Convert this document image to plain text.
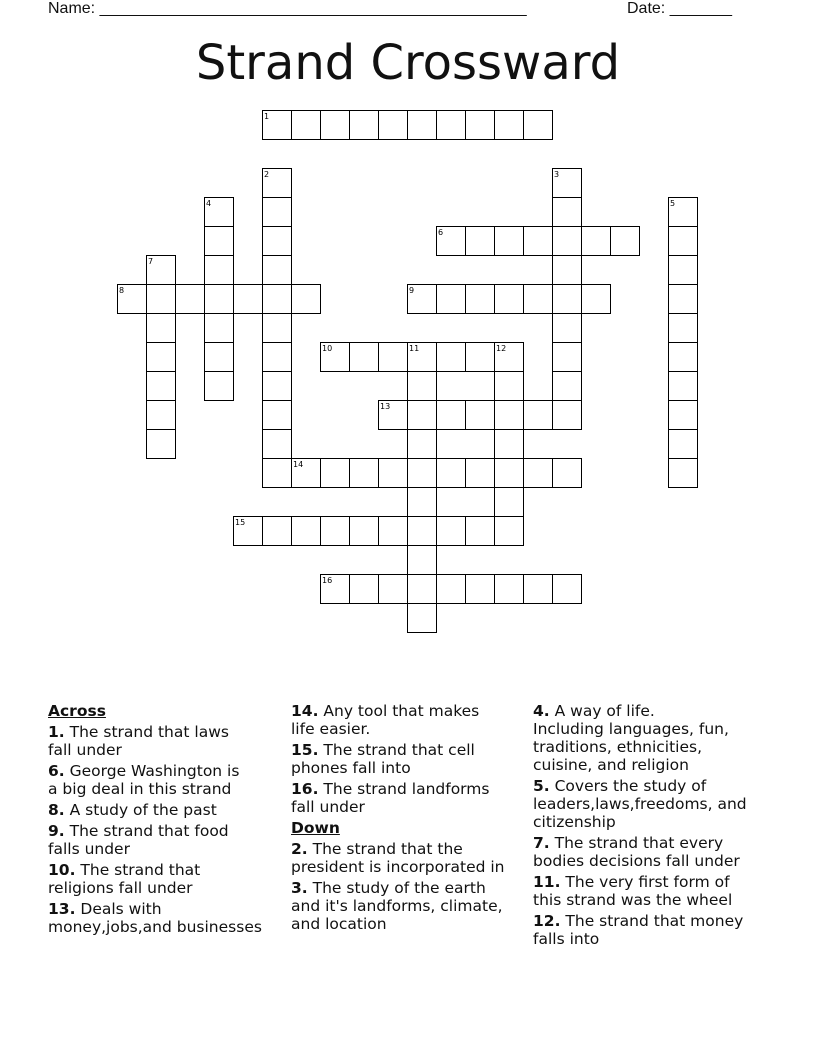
Name: ________________________________________________	Date: _______
Strand Crossward
1
6
8	9
10
13
14
15
16
2	3
4	5
7
11	12
Across
1. The strand that laws
fall under
6. George Washington is
a big deal in this strand
8. A study of the past
9. The strand that food
falls under
10. The strand that
religions fall under
13. Deals with
money,jobs,and businesses
14. Any tool that makes
life easier.
15. The strand that cell
phones fall into
16. The strand landforms
fall under
Down
2. The strand that the
president is incorporated in
3. The study of the earth
and it's landforms, climate,
and location
4. A way of life.
Including languages, fun,
traditions, ethnicities,
cuisine, and religion
5. Covers the study of
leaders,laws,freedoms, and
citizenship
7. The strand that every
bodies decisions fall under
11. The very first form of
this strand was the wheel
12. The strand that money
falls into
